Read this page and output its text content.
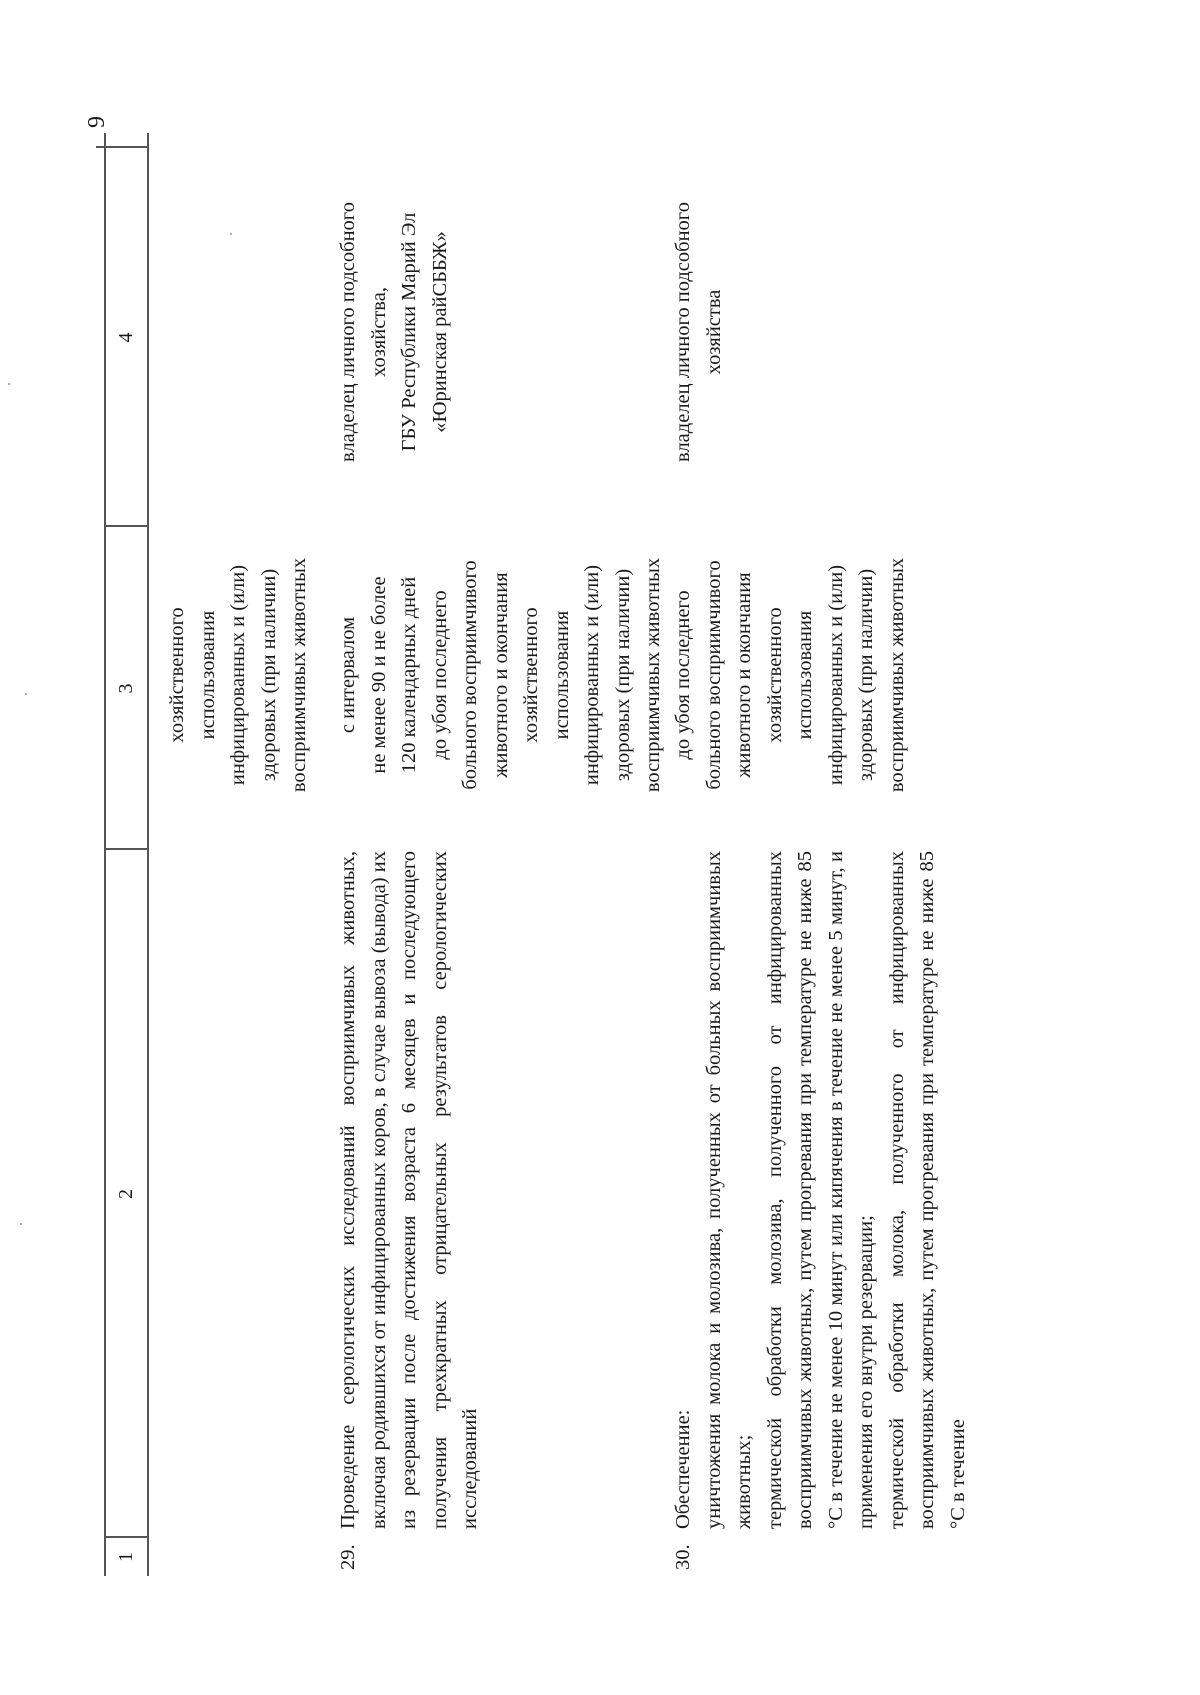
9
1
2
3
4
хозяйственного использования инфицированных и (или) здоровых (при наличии) восприимчивых животных
29.

Проведение серологических исследований восприимчивых животных, включая родившихся от инфицированных коров, в случае вывоза (вывода) их из резервации после достижения возраста 6 месяцев и последующего получения трехкратных отрицательных результатов серологических исследований

с интервалом не менее 90 и не более 120 календарных дней до убоя последнего больного восприимчивого животного и окончания хозяйственного использования инфицированных и (или) здоровых (при наличии) восприимчивых животных
владелец личного подсобного хозяйства, ГБУ Республики Марий Эл «Юринская райСББЖ»
30.

Обеспечение: уничтожения молока и молозива, полученных от больных восприимчивых животных; термической обработки молозива, полученного от инфицированных восприимчивых животных, путем прогревания при температуре не ниже 85 °С в течение не менее 10 минут или кипячения в течение не менее 5 минут, и применения его внутри резервации; термической обработки молока, полученного от инфицированных восприимчивых животных, путем прогревания при температуре не ниже 85 °С в течение

до убоя последнего больного восприимчивого животного и окончания хозяйственного использования инфицированных и (или) здоровых (при наличии) восприимчивых животных
владелец личного подсобного хозяйства
